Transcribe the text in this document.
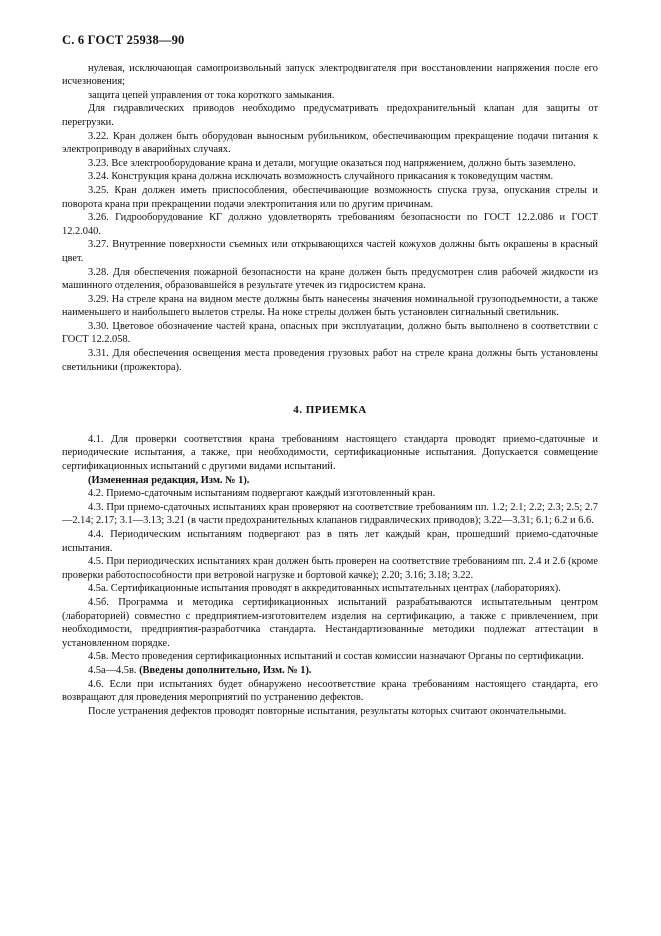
С. 6 ГОСТ 25938—90

нулевая, исключающая самопроизвольный запуск электродвигателя при восстановлении напряжения после его исчезновения;

защита цепей управления от тока короткого замыкания.

Для гидравлических приводов необходимо предусматривать предохранительный клапан для защиты от перегрузки.

3.22. Кран должен быть оборудован выносным рубильником, обеспечивающим прекращение подачи питания к электроприводу в аварийных случаях.

3.23. Все электрооборудование крана и детали, могущие оказаться под напряжением, должно быть заземлено.

3.24. Конструкция крана должна исключать возможность случайного прикасания к токоведущим частям.

3.25. Кран должен иметь приспособления, обеспечивающие возможность спуска груза, опускания стрелы и поворота крана при прекращении подачи электропитания или по другим причинам.

3.26. Гидрооборудование КГ должно удовлетворять требованиям безопасности по ГОСТ 12.2.086 и ГОСТ 12.2.040.

3.27. Внутренние поверхности съемных или открывающихся частей кожухов должны быть окрашены в красный цвет.

3.28. Для обеспечения пожарной безопасности на кране должен быть предусмотрен слив рабочей жидкости из машинного отделения, образовавшейся в результате утечек из гидросистем крана.

3.29. На стреле крана на видном месте должны быть нанесены значения номинальной грузоподъемности, а также наименьшего и наибольшего вылетов стрелы. На ноке стрелы должен быть установлен сигнальный светильник.

3.30. Цветовое обозначение частей крана, опасных при эксплуатации, должно быть выполнено в соответствии с ГОСТ 12.2.058.

3.31. Для обеспечения освещения места проведения грузовых работ на стреле крана должны быть установлены светильники (прожектора).

4. ПРИЕМКА

4.1. Для проверки соответствия крана требованиям настоящего стандарта проводят приемо-сдаточные и периодические испытания, а также, при необходимости, сертификационные испытания. Допускается совмещение сертификационных испытаний с другими видами испытаний.

(Измененная редакция, Изм. № 1).

4.2. Приемо-сдаточным испытаниям подвергают каждый изготовленный кран.

4.3. При приемо-сдаточных испытаниях кран проверяют на соответствие требованиям пп. 1.2; 2.1; 2.2; 2.3; 2.5; 2.7—2.14; 2.17; 3.1—3.13; 3.21 (в части предохранительных клапанов гидравлических приводов); 3.22—3.31; 6.1; 6.2 и 6.6.

4.4. Периодическим испытаниям подвергают раз в пять лет каждый кран, прошедший приемо-сдаточные испытания.

4.5. При периодических испытаниях кран должен быть проверен на соответствие требованиям пп. 2.4 и 2.6 (кроме проверки работоспособности при ветровой нагрузке и бортовой качке); 2.20; 3.16; 3.18; 3.22.

4.5а. Сертификационные испытания проводят в аккредитованных испытательных центрах (лабораториях).

4.5б. Программа и методика сертификационных испытаний разрабатываются испытательным центром (лабораторией) совместно с предприятием-изготовителем изделия на сертификацию, а также с привлечением, при необходимости, предприятия-разработчика стандарта. Нестандартизованные методики подлежат аттестации в установленном порядке.

4.5в. Место проведения сертификационных испытаний и состав комиссии назначают Органы по сертификации.

4.5а—4.5в. (Введены дополнительно, Изм. № 1).

4.6. Если при испытаниях будет обнаружено несоответствие крана требованиям настоящего стандарта, его возвращают для проведения мероприятий по устранению дефектов.

После устранения дефектов проводят повторные испытания, результаты которых считают окончательными.
